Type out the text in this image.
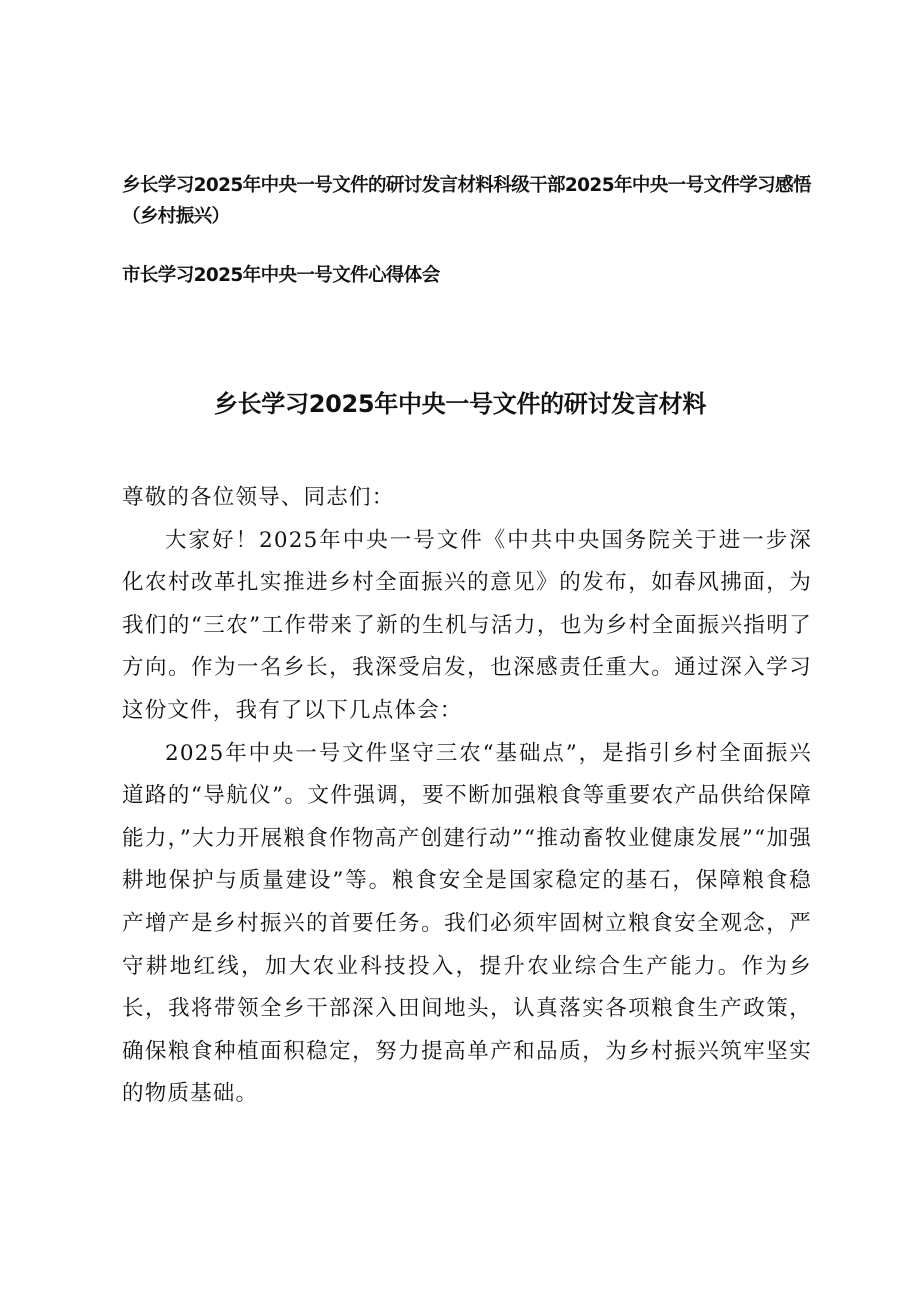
乡长学习2025年中央一号文件的研讨发言材料科级干部2025年中央一号文件学习感悟（乡村振兴）

市长学习2025年中央一号文件心得体会

乡长学习2025年中央一号文件的研讨发言材料

尊敬的各位领导、同志们：

大家好！2025年中央一号文件《中共中央国务院关于进一步深化农村改革扎实推进乡村全面振兴的意见》的发布，如春风拂面，为我们的“三农”工作带来了新的生机与活力，也为乡村全面振兴指明了方向。作为一名乡长，我深受启发，也深感责任重大。通过深入学习这份文件，我有了以下几点体会：

2025年中央一号文件坚守三农“基础点”，是指引乡村全面振兴道路的“导航仪”。文件强调，要不断加强粮食等重要农产品供给保障能力，”大力开展粮食作物高产创建行动”“推动畜牧业健康发展”“加强耕地保护与质量建设”等。粮食安全是国家稳定的基石，保障粮食稳产增产是乡村振兴的首要任务。我们必须牢固树立粮食安全观念，严守耕地红线，加大农业科技投入，提升农业综合生产能力。作为乡长，我将带领全乡干部深入田间地头，认真落实各项粮食生产政策，确保粮食种植面积稳定，努力提高单产和品质，为乡村振兴筑牢坚实的物质基础。
